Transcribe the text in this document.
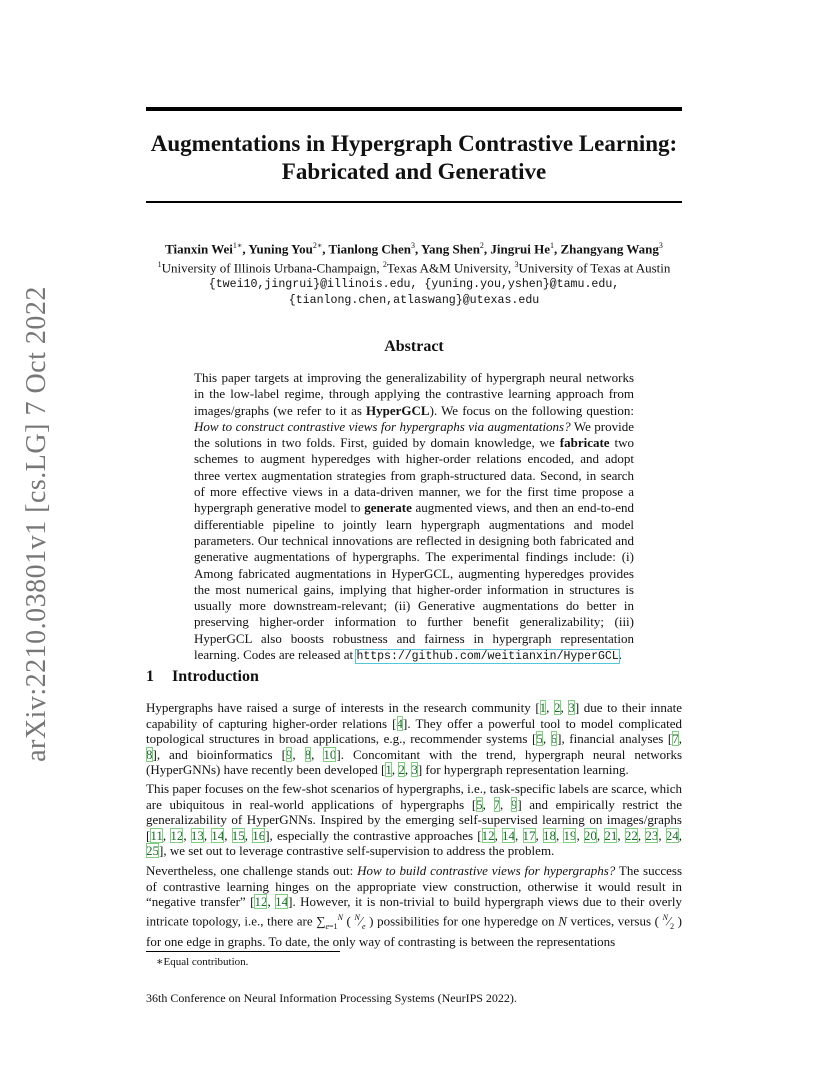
arXiv:2210.03801v1 [cs.LG] 7 Oct 2022
Augmentations in Hypergraph Contrastive Learning: Fabricated and Generative
Tianxin Wei$^{1∗}$, Yuning You$^{2∗}$, Tianlong Chen$^3$, Yang Shen$^2$, Jingrui He$^1$, Zhangyang Wang$^3$
$^1$University of Illinois Urbana-Champaign, $^2$Texas A&M University, $^3$University of Texas at Austin
{twei10,jingrui}@illinois.edu, {yuning.you,yshen}@tamu.edu,
{tianlong.chen,atlaswang}@utexas.edu
Abstract
This paper targets at improving the generalizability of hypergraph neural networks in the low-label regime, through applying the contrastive learning approach from images/graphs (we refer to it as HyperGCL). We focus on the following question: How to construct contrastive views for hypergraphs via augmentations? We provide the solutions in two folds. First, guided by domain knowledge, we fabricate two schemes to augment hyperedges with higher-order relations encoded, and adopt three vertex augmentation strategies from graph-structured data. Second, in search of more effective views in a data-driven manner, we for the first time propose a hypergraph generative model to generate augmented views, and then an end-to-end differentiable pipeline to jointly learn hypergraph augmentations and model parameters. Our technical innovations are reflected in designing both fabricated and generative augmentations of hypergraphs. The experimental findings include: (i) Among fabricated augmentations in HyperGCL, augmenting hyperedges provides the most numerical gains, implying that higher-order information in structures is usually more downstream-relevant; (ii) Generative augmentations do better in preserving higher-order information to further benefit generalizability; (iii) HyperGCL also boosts robustness and fairness in hypergraph representation learning. Codes are released at https://github.com/weitianxin/HyperGCL.
1 Introduction
Hypergraphs have raised a surge of interests in the research community [1, 2, 3] due to their innate capability of capturing higher-order relations [4]. They offer a powerful tool to model complicated topological structures in broad applications, e.g., recommender systems [5, 6], financial analyses [7, 8], and bioinformatics [9, 8, 10]. Concomitant with the trend, hypergraph neural networks (HyperGNNs) have recently been developed [1, 2, 3] for hypergraph representation learning.
This paper focuses on the few-shot scenarios of hypergraphs, i.e., task-specific labels are scarce, which are ubiquitous in real-world applications of hypergraphs [5, 7, 9] and empirically restrict the generalizability of HyperGNNs. Inspired by the emerging self-supervised learning on images/graphs [11, 12, 13, 14, 15, 16], especially the contrastive approaches [12, 14, 17, 18, 19, 20, 21, 22, 23, 24, 25], we set out to leverage contrastive self-supervision to address the problem.
Nevertheless, one challenge stands out: How to build contrastive views for hypergraphs? The success of contrastive learning hinges on the appropriate view construction, otherwise it would result in “negative transfer” [12, 14]. However, it is non-trivial to build hypergraph views due to their overly intricate topology, i.e., there are $\sum_{e=1}^N$ ( $^N⁄_e$ ) possibilities for one hyperedge on N vertices, versus ( $^N⁄_2$ ) for one edge in graphs. To date, the only way of contrasting is between the representations
∗Equal contribution.
36th Conference on Neural Information Processing Systems (NeurIPS 2022).
